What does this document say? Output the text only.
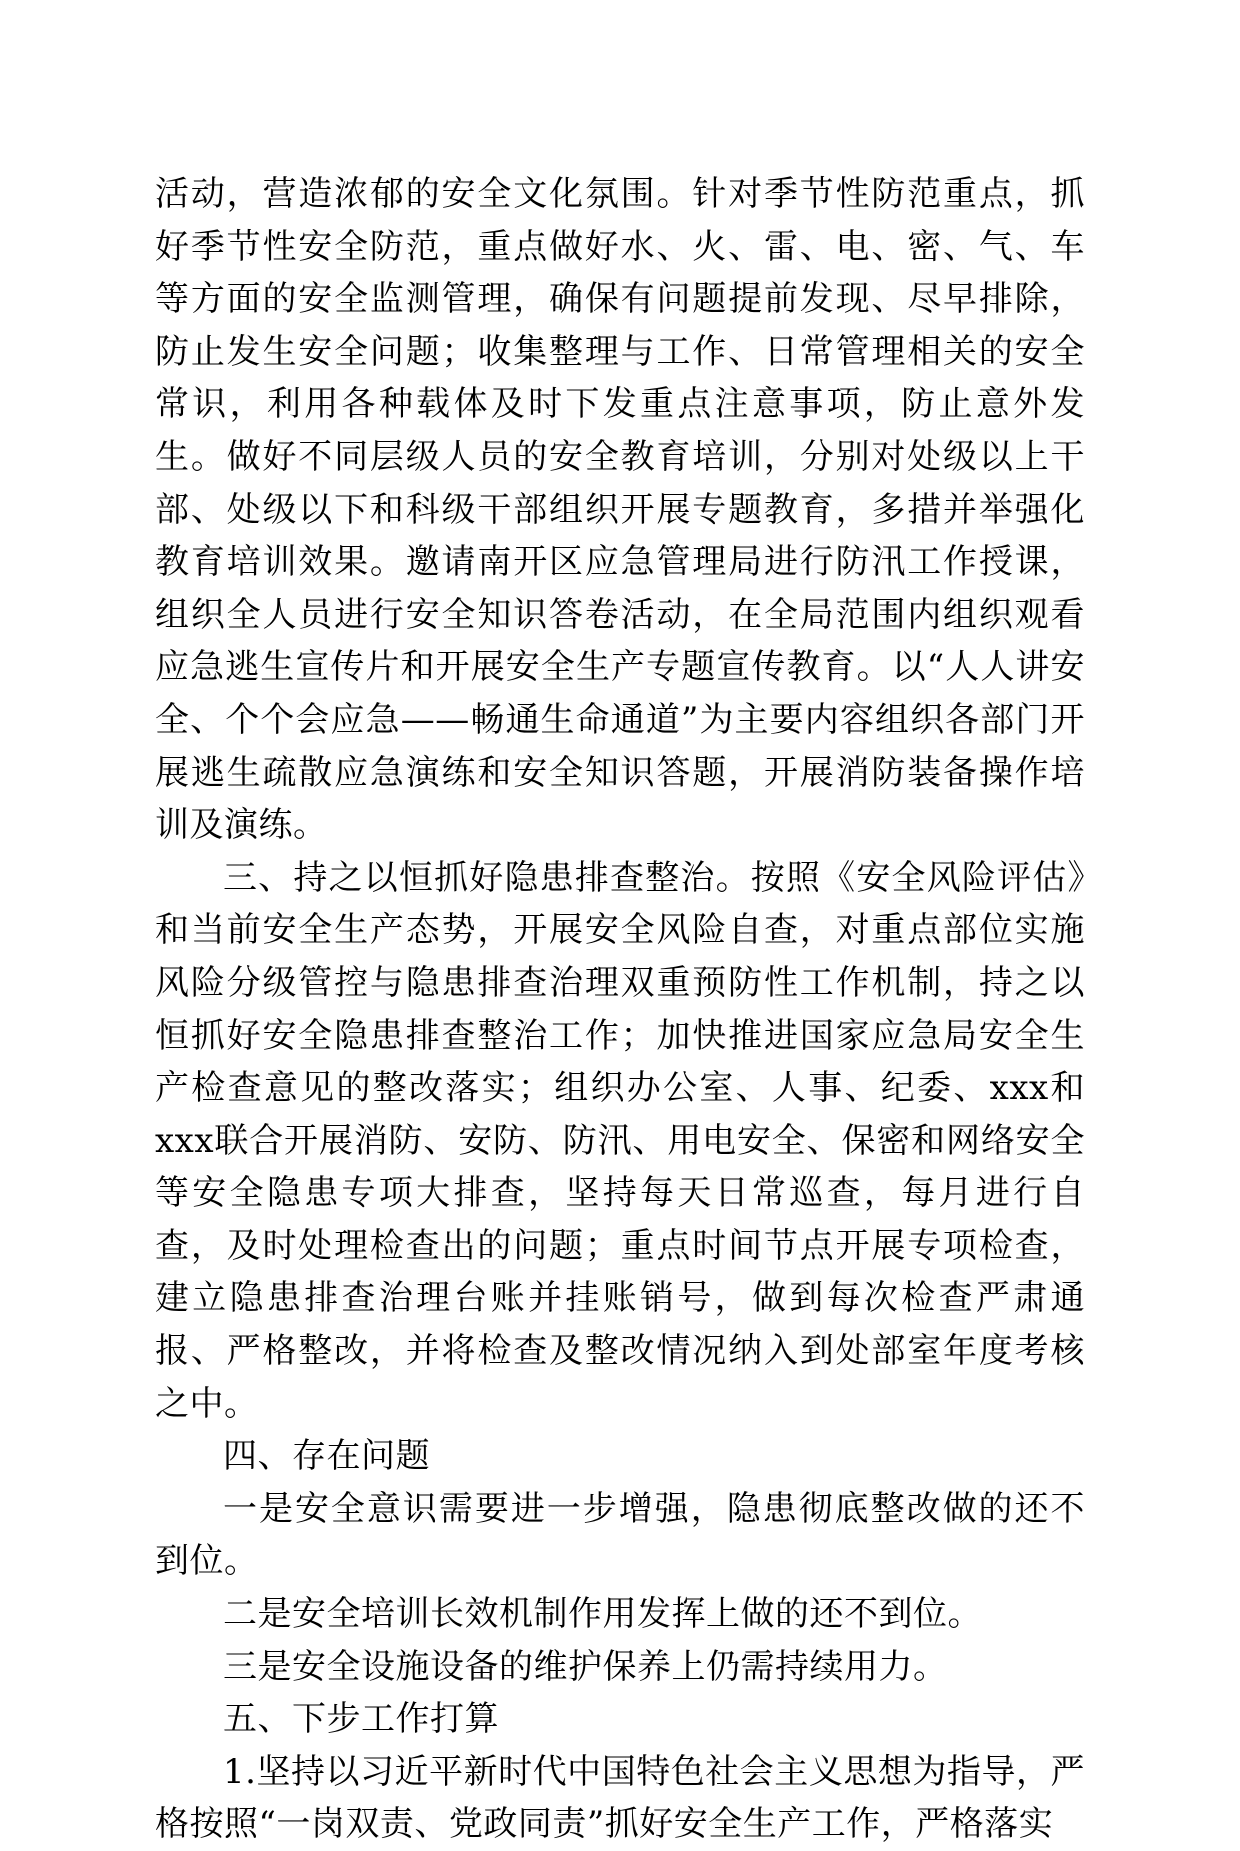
活动，营造浓郁的安全文化氛围。针对季节性防范重点，抓好季节性安全防范，重点做好水、火、雷、电、密、气、车等方面的安全监测管理，确保有问题提前发现、尽早排除，防止发生安全问题；收集整理与工作、日常管理相关的安全常识，利用各种载体及时下发重点注意事项，防止意外发生。做好不同层级人员的安全教育培训，分别对处级以上干部、处级以下和科级干部组织开展专题教育，多措并举强化教育培训效果。邀请南开区应急管理局进行防汛工作授课，组织全人员进行安全知识答卷活动，在全局范围内组织观看应急逃生宣传片和开展安全生产专题宣传教育。以“人人讲安全、个个会应急——畅通生命通道”为主要内容组织各部门开展逃生疏散应急演练和安全知识答题，开展消防装备操作培训及演练。

三、持之以恒抓好隐患排查整治。按照《安全风险评估》和当前安全生产态势，开展安全风险自查，对重点部位实施风险分级管控与隐患排查治理双重预防性工作机制，持之以恒抓好安全隐患排查整治工作；加快推进国家应急局安全生产检查意见的整改落实；组织办公室、人事、纪委、xxx和xxx联合开展消防、安防、防汛、用电安全、保密和网络安全等安全隐患专项大排查，坚持每天日常巡查，每月进行自查，及时处理检查出的问题；重点时间节点开展专项检查，建立隐患排查治理台账并挂账销号，做到每次检查严肃通报、严格整改，并将检查及整改情况纳入到处部室年度考核之中。

四、存在问题

一是安全意识需要进一步增强，隐患彻底整改做的还不到位。

二是安全培训长效机制作用发挥上做的还不到位。

三是安全设施设备的维护保养上仍需持续用力。

五、下步工作打算

1.坚持以习近平新时代中国特色社会主义思想为指导，严格按照“一岗双责、党政同责”抓好安全生产工作，严格落实
